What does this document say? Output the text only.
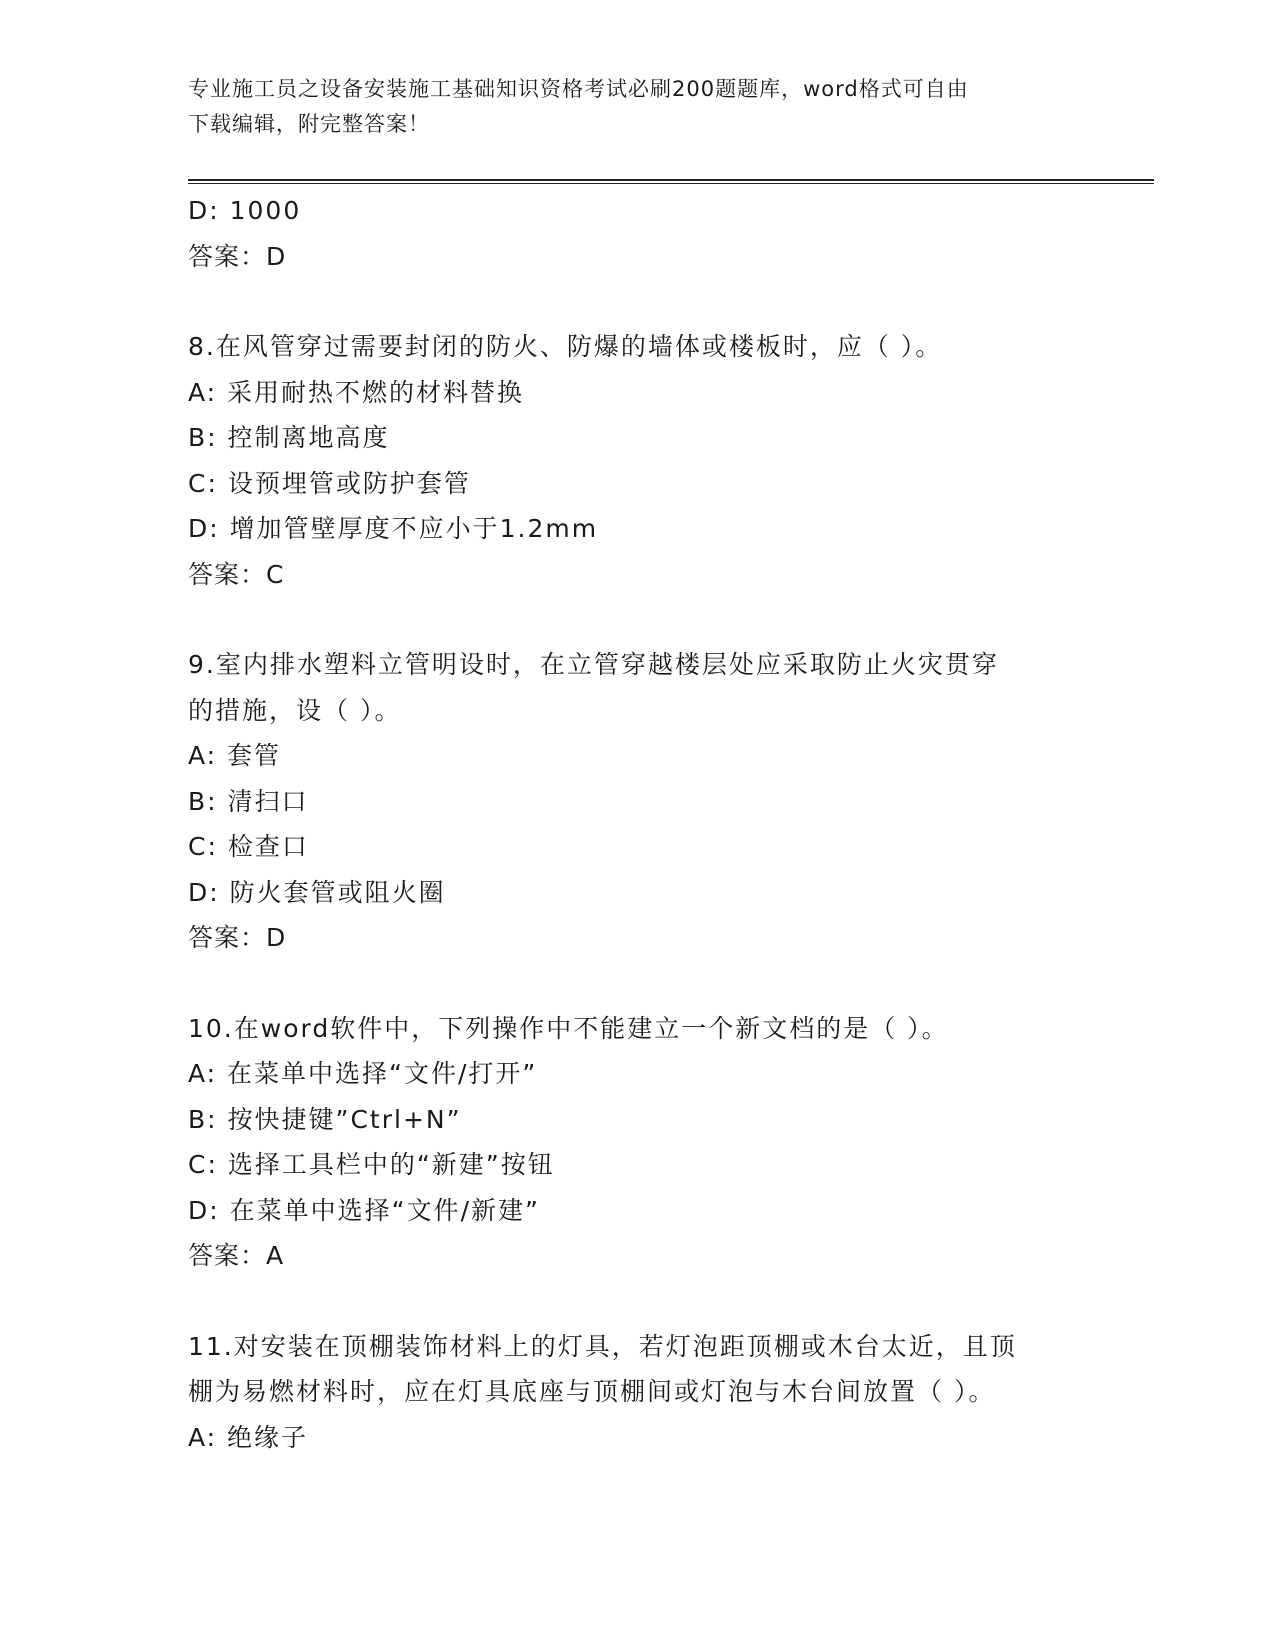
专业施工员之设备安装施工基础知识资格考试必刷200题题库，word格式可自由
下载编辑，附完整答案！
D: 1000
答案：D
8.在风管穿过需要封闭的防火、防爆的墙体或楼板时，应（ ）。
A: 采用耐热不燃的材料替换
B: 控制离地高度
C: 设预埋管或防护套管
D: 增加管壁厚度不应小于1.2mm
答案：C
9.室内排水塑料立管明设时，在立管穿越楼层处应采取防止火灾贯穿
的措施，设（ ）。
A: 套管
B: 清扫口
C: 检查口
D: 防火套管或阻火圈
答案：D
10.在word软件中，下列操作中不能建立一个新文档的是（ ）。
A: 在菜单中选择“文件/打开”
B: 按快捷键”Ctrl+N”
C: 选择工具栏中的“新建”按钮
D: 在菜单中选择“文件/新建”
答案：A
11.对安装在顶棚装饰材料上的灯具，若灯泡距顶棚或木台太近，且顶
棚为易燃材料时，应在灯具底座与顶棚间或灯泡与木台间放置（ ）。
A: 绝缘子
